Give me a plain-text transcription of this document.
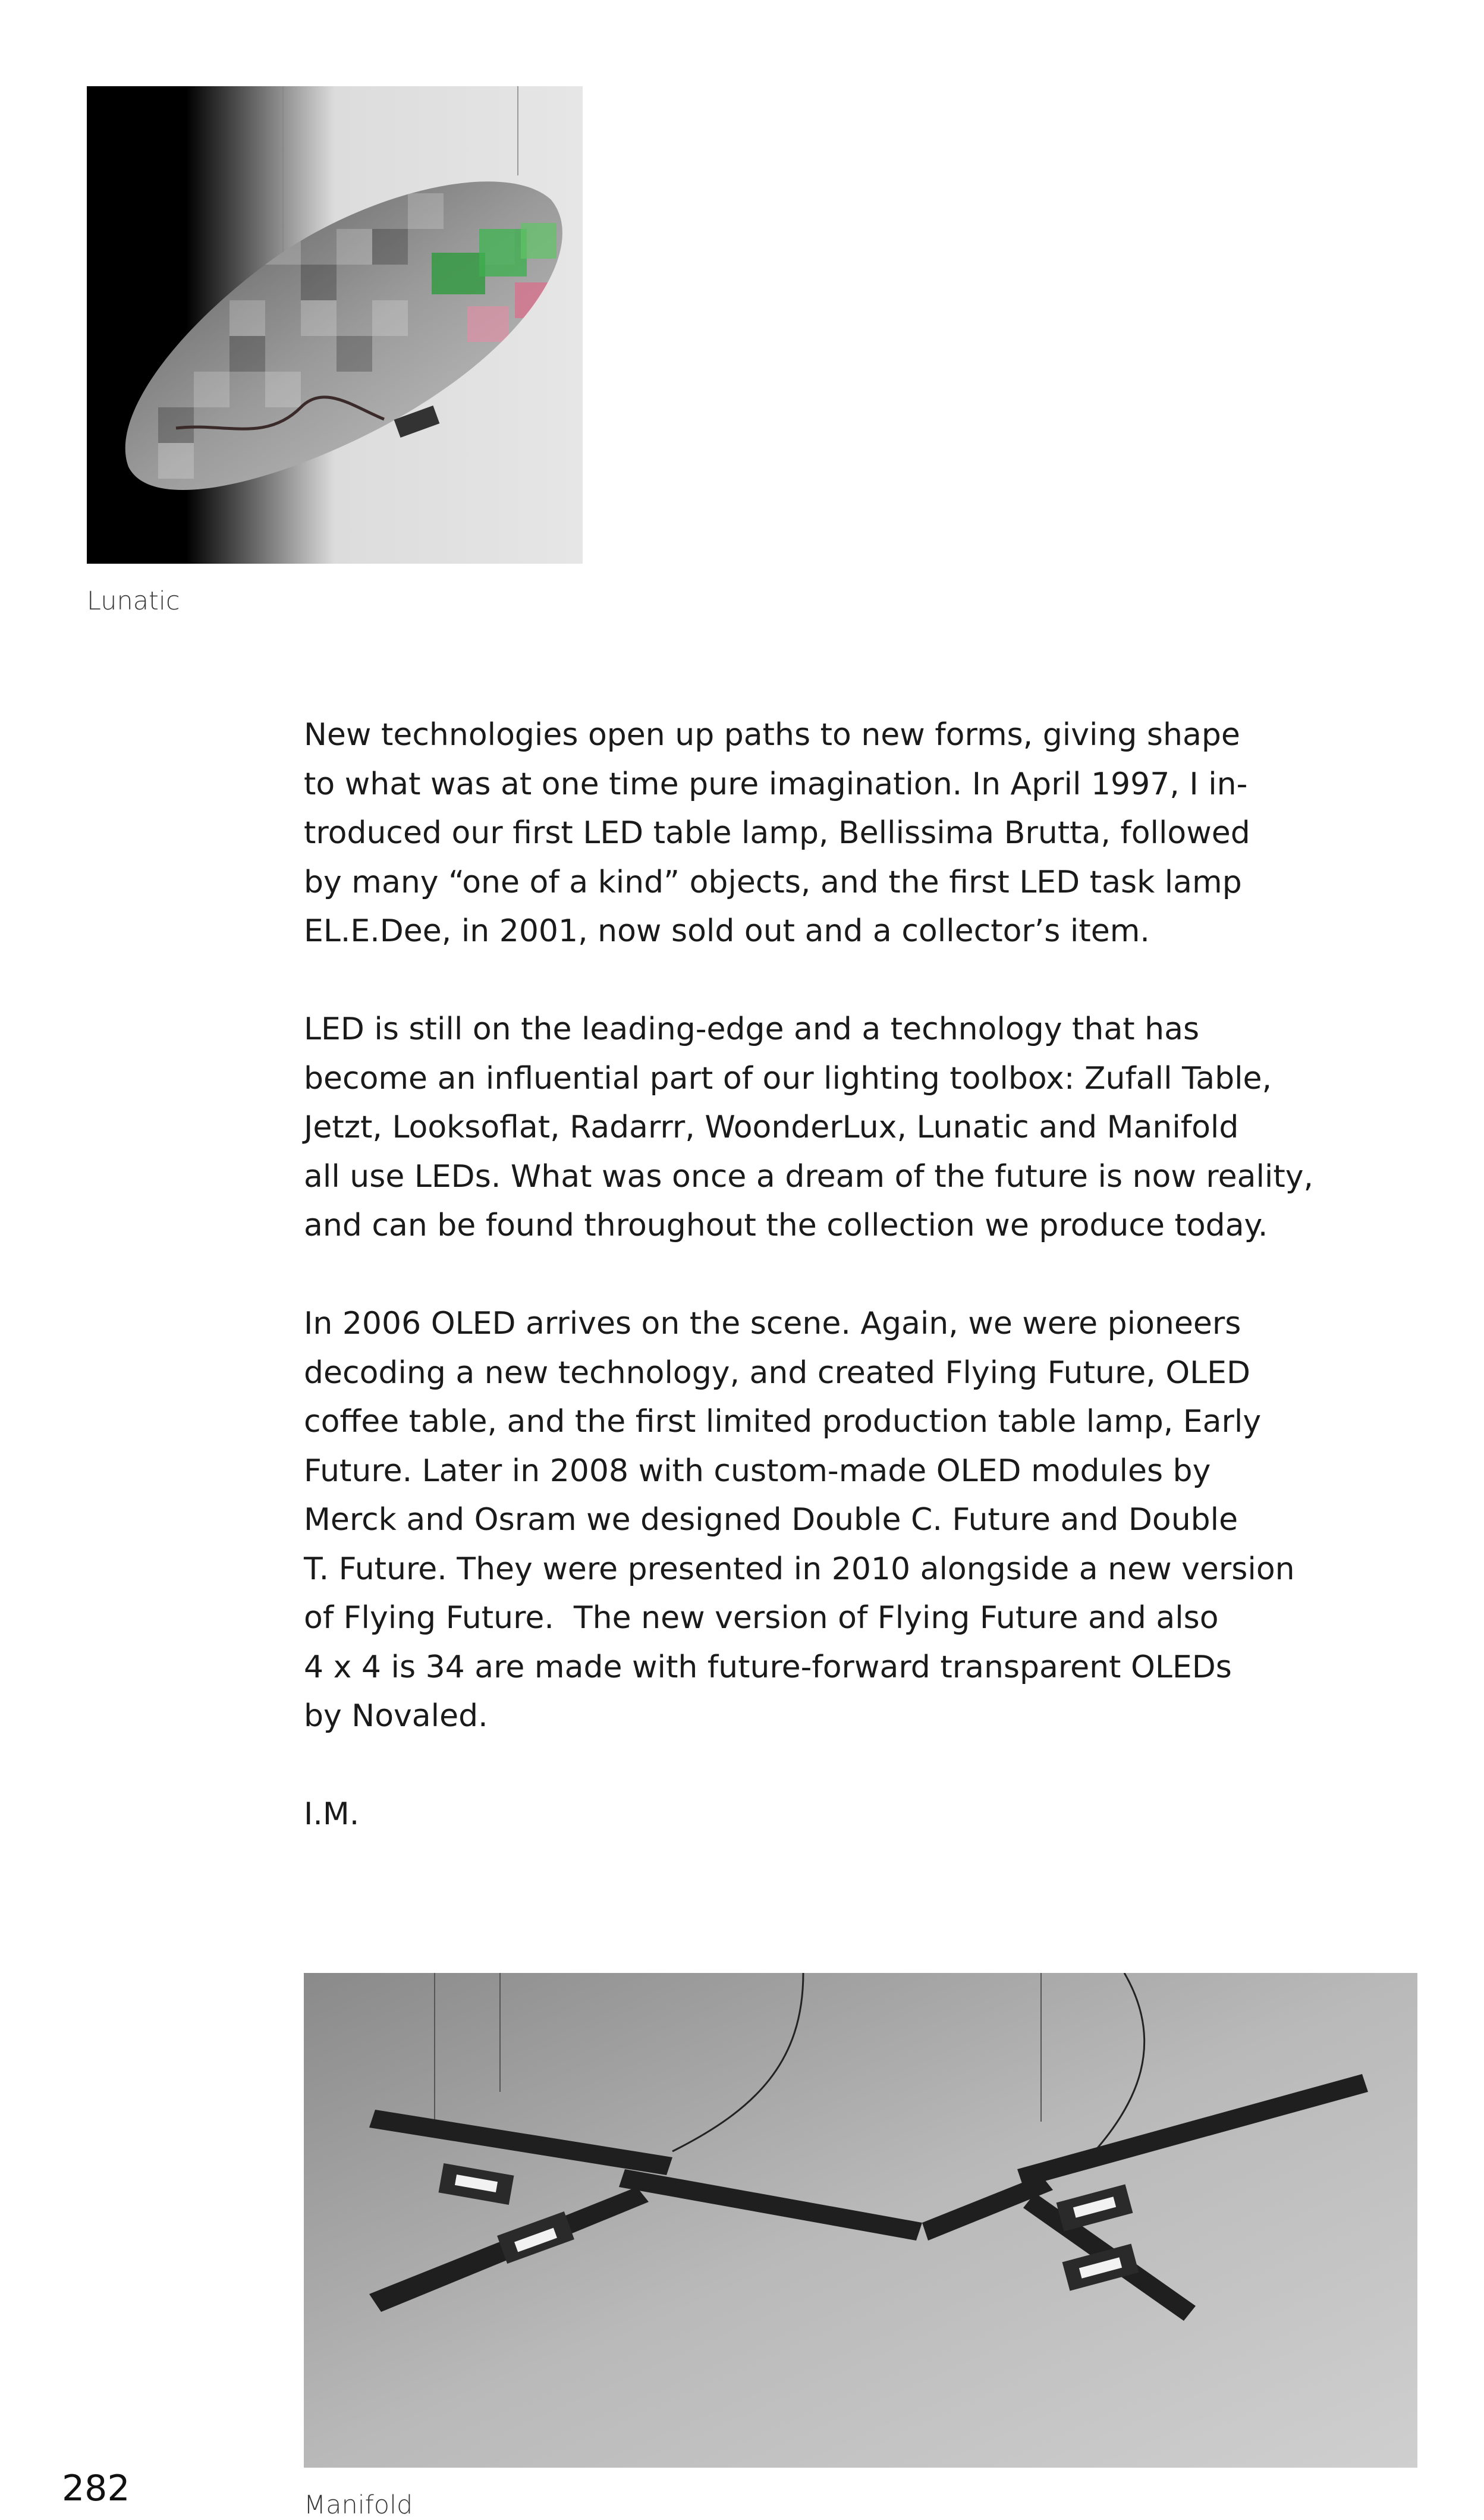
Lunatic

New technologies open up paths to new forms, giving shape
to what was at one time pure imagination. In April 1997, I in-
troduced our first LED table lamp, Bellissima Brutta, followed
by many “one of a kind” objects, and the first LED task lamp
EL.E.Dee, in 2001, now sold out and a collector’s item.

LED is still on the leading-edge and a technology that has
become an influential part of our lighting toolbox: Zufall Table,
Jetzt, Looksoflat, Radarrr, WoonderLux, Lunatic and Manifold
all use LEDs. What was once a dream of the future is now reality,
and can be found throughout the collection we produce today.

In 2006 OLED arrives on the scene. Again, we were pioneers
decoding a new technology, and created Flying Future, OLED
coffee table, and the first limited production table lamp, Early
Future. Later in 2008 with custom-made OLED modules by
Merck and Osram we designed Double C. Future and Double
T. Future. They were presented in 2010 alongside a new version
of Flying Future.  The new version of Flying Future and also
4 x 4 is 34 are made with future-forward transparent OLEDs
by Novaled.

I.M.

Manifold
282
